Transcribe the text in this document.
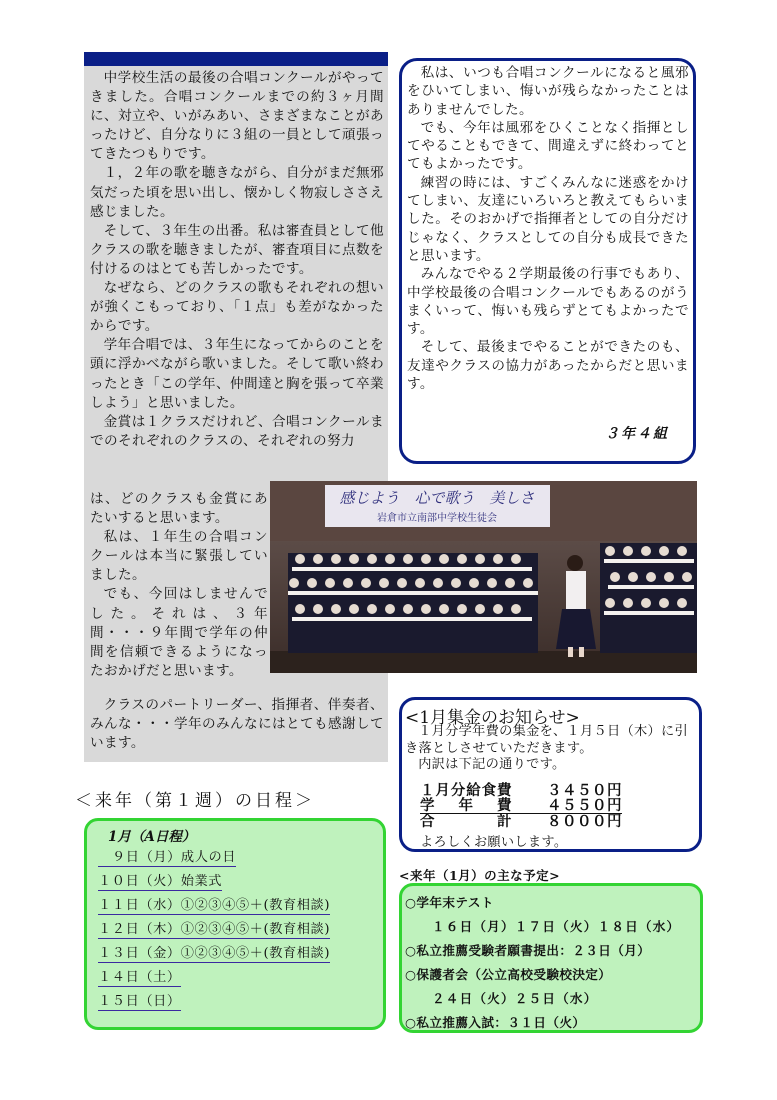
中学校生活の最後の合唱コンクールがやってきました。合唱コンクールまでの約３ヶ月間に、対立や、いがみあい、さまざまなことがあったけど、自分なりに３組の一員として頑張ってきたつもりです。

１，２年の歌を聴きながら、自分がまだ無邪気だった頃を思い出し、懐かしく物寂しささえ感じました。

そして、３年生の出番。私は審査員として他クラスの歌を聴きましたが、審査項目に点数を付けるのはとても苦しかったです。

なぜなら、どのクラスの歌もそれぞれの想いが強くこもっており、「１点」も差がなかったからです。

学年合唱では、３年生になってからのことを頭に浮かべながら歌いました。そして歌い終わったとき「この学年、仲間達と胸を張って卒業しよう」と思いました。

金賞は１クラスだけれど、合唱コンクールまでのそれぞれのクラスの、それぞれの努力

は、どのクラスも金賞にあたいすると思います。

私は、１年生の合唱コンクールは本当に緊張していました。

でも、今回はしませんでした。それは、３年間・・・９年間で学年の仲間を信頼できるようになったおかげだと思います。

クラスのパートリーダー、指揮者、伴奏者、みんな・・・学年のみんなにはとても感謝しています。

私は、いつも合唱コンクールになると風邪をひいてしまい、悔いが残らなかったことはありませんでした。

でも、今年は風邪をひくことなく指揮としてやることもできて、間違えずに終わってとてもよかったです。

練習の時には、すごくみんなに迷惑をかけてしまい、友達にいろいろと教えてもらいました。そのおかげで指揮者としての自分だけじゃなく、クラスとしての自分も成長できたと思います。

みんなでやる２学期最後の行事でもあり、中学校最後の合唱コンクールでもあるのがうまくいって、悔いも残らずとてもよかったです。

そして、最後までやることができたのも、友達やクラスの協力があったからだと思います。

３年４組
感じよう　心で歌う　美しさ
岩倉市立南部中学校生徒会
<1月集金のお知らせ>

１月分学年費の集金を、１月５日（木）に引き落としさせていただきます。

内訳は下記の通りです。

１月分給食費	３４５０円
学年費	４５５０円
合計	８０００円
よろしくお願いします。
＜来年（第１週）の日程＞
1月（A日程）
９日（月）成人の日
１０日（火）始業式
１１日（水）①②③④⑤＋(教育相談)
１２日（木）①②③④⑤＋(教育相談)
１３日（金）①②③④⑤＋(教育相談)
１４日（土）
１５日（日）
<来年（1月）の主な予定>
○学年末テスト
１６日（月）１７日（火）１８日（水）
○私立推薦受験者願書提出：２３日（月）
○保護者会（公立高校受験校決定）
２４日（火）２５日（水）
○私立推薦入試：３１日（火）
